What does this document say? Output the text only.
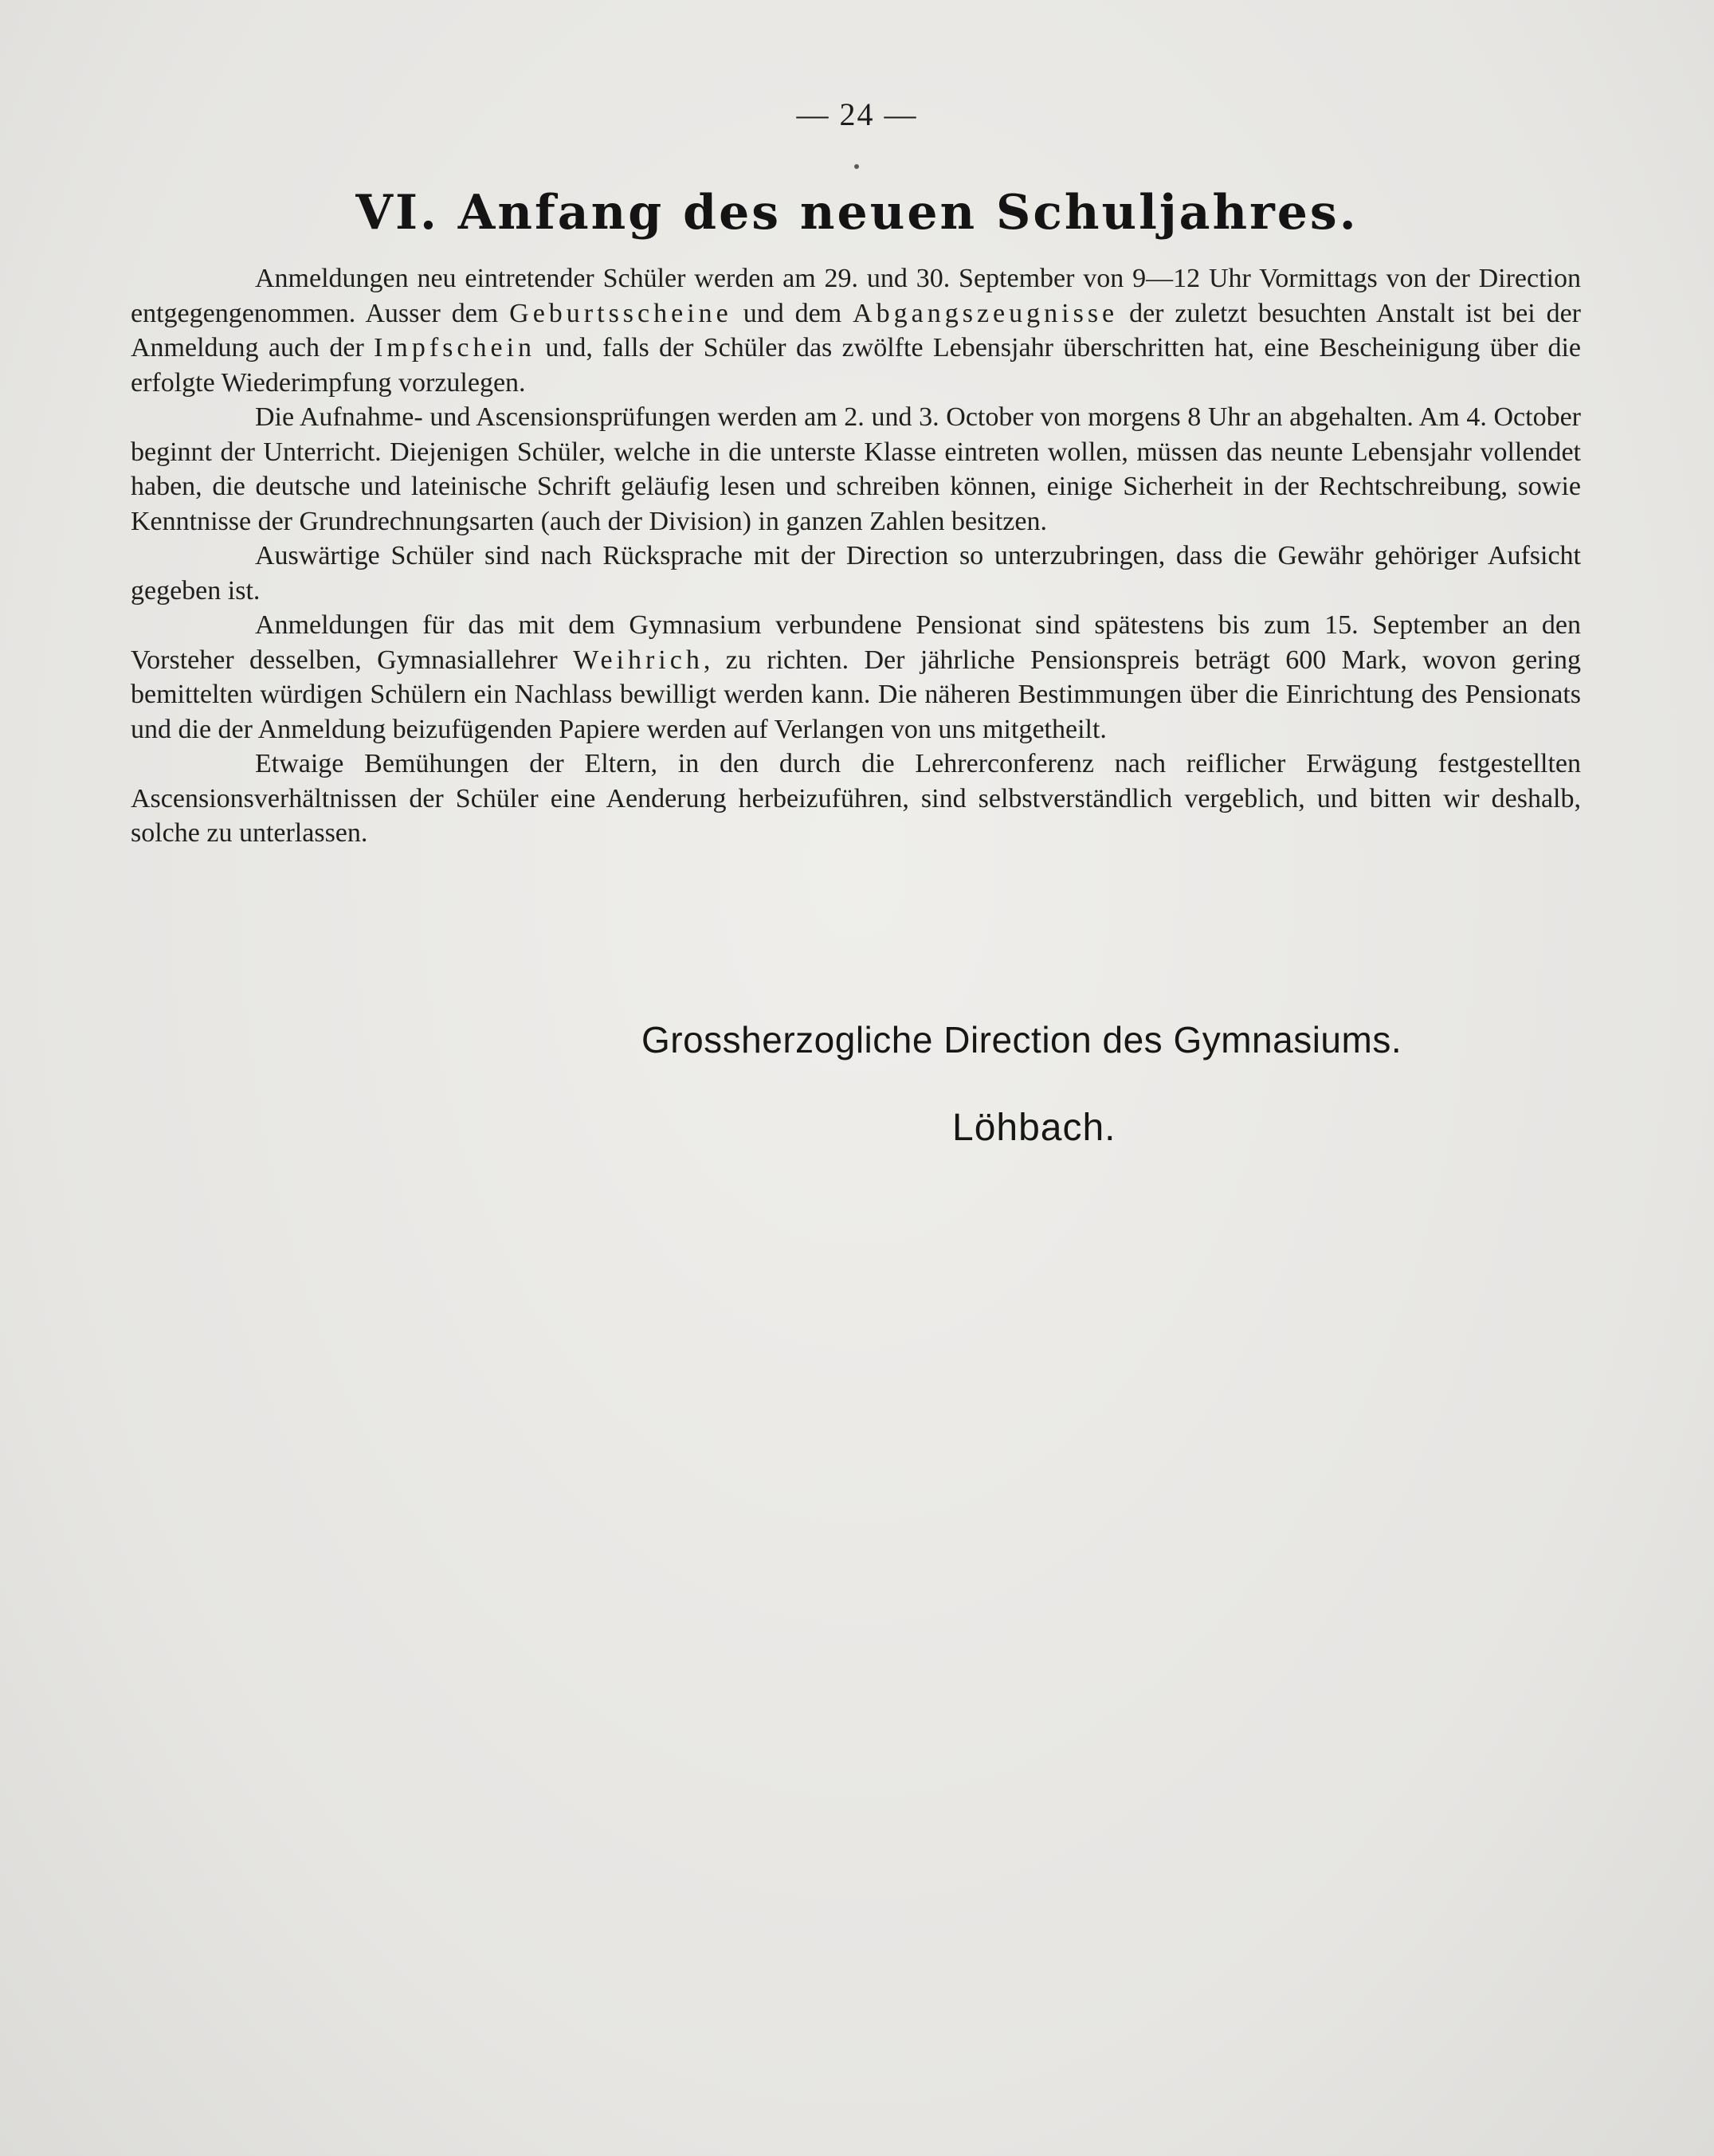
— 24 —
VI. Anfang des neuen Schuljahres.

Anmeldungen neu eintretender Schüler werden am 29. und 30. September von 9—12 Uhr Vormittags von der Direction entgegengenommen. Ausser dem Geburtsscheine und dem Abgangszeugnisse der zuletzt besuchten Anstalt ist bei der Anmeldung auch der Impfschein und, falls der Schüler das zwölfte Lebensjahr überschritten hat, eine Bescheinigung über die erfolgte Wiederimpfung vorzulegen.

Die Aufnahme- und Ascensionsprüfungen werden am 2. und 3. October von morgens 8 Uhr an abgehalten. Am 4. October beginnt der Unterricht. Diejenigen Schüler, welche in die unterste Klasse eintreten wollen, müssen das neunte Lebensjahr vollendet haben, die deutsche und lateinische Schrift geläufig lesen und schreiben können, einige Sicherheit in der Rechtschreibung, sowie Kenntnisse der Grundrechnungsarten (auch der Division) in ganzen Zahlen besitzen.

Auswärtige Schüler sind nach Rücksprache mit der Direction so unterzubringen, dass die Gewähr gehöriger Aufsicht gegeben ist.

Anmeldungen für das mit dem Gymnasium verbundene Pensionat sind spätestens bis zum 15. September an den Vorsteher desselben, Gymnasiallehrer Weihrich, zu richten. Der jährliche Pensionspreis beträgt 600 Mark, wovon gering bemittelten würdigen Schülern ein Nachlass bewilligt werden kann. Die näheren Bestimmungen über die Einrichtung des Pensionats und die der Anmeldung beizufügenden Papiere werden auf Verlangen von uns mitgetheilt.

Etwaige Bemühungen der Eltern, in den durch die Lehrerconferenz nach reiflicher Erwägung festgestellten Ascensionsverhältnissen der Schüler eine Aenderung herbeizuführen, sind selbstverständlich vergeblich, und bitten wir deshalb, solche zu unterlassen.

Grossherzogliche Direction des Gymnasiums.
Löhbach.
